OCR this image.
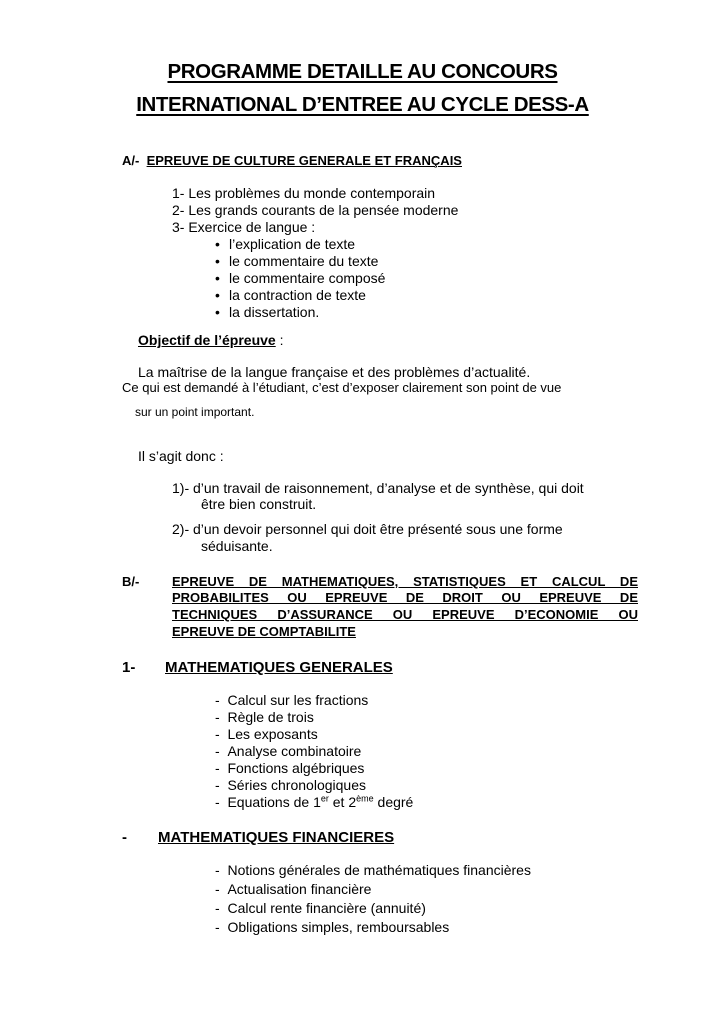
PROGRAMME DETAILLE AU CONCOURS
INTERNATIONAL D’ENTREE AU CYCLE DESS-A
A/- EPREUVE DE CULTURE GENERALE ET FRANÇAIS
1- Les problèmes du monde contemporain
2- Les grands courants de la pensée moderne
3- Exercice de langue :
• l’explication de texte
• le commentaire du texte
• le commentaire composé
• la contraction de texte
• la dissertation.
Objectif de l’épreuve :
La maîtrise de la langue française et des problèmes d’actualité.
Ce qui est demandé à l’étudiant, c’est d’exposer clairement son point de vue
sur un point important.
Il s’agit donc :
1)- d’un travail de raisonnement, d’analyse et de synthèse, qui doit
être bien construit.
2)- d’un devoir personnel qui doit être présenté sous une forme
séduisante.
B/-	EPREUVE DE MATHEMATIQUES, STATISTIQUES ET CALCUL DE
PROBABILITES OU EPREUVE DE DROIT OU EPREUVE DE
TECHNIQUES D’ASSURANCE OU EPREUVE D’ECONOMIE OU
EPREUVE DE COMPTABILITE
1- MATHEMATIQUES GENERALES
-  Calcul sur les fractions
-  Règle de trois
-  Les exposants
-  Analyse combinatoire
-  Fonctions algébriques
-  Séries chronologiques
-  Equations de 1er et 2ème degré
- MATHEMATIQUES FINANCIERES
-  Notions générales de mathématiques financières
-  Actualisation financière
-  Calcul rente financière (annuité)
-  Obligations simples, remboursables
